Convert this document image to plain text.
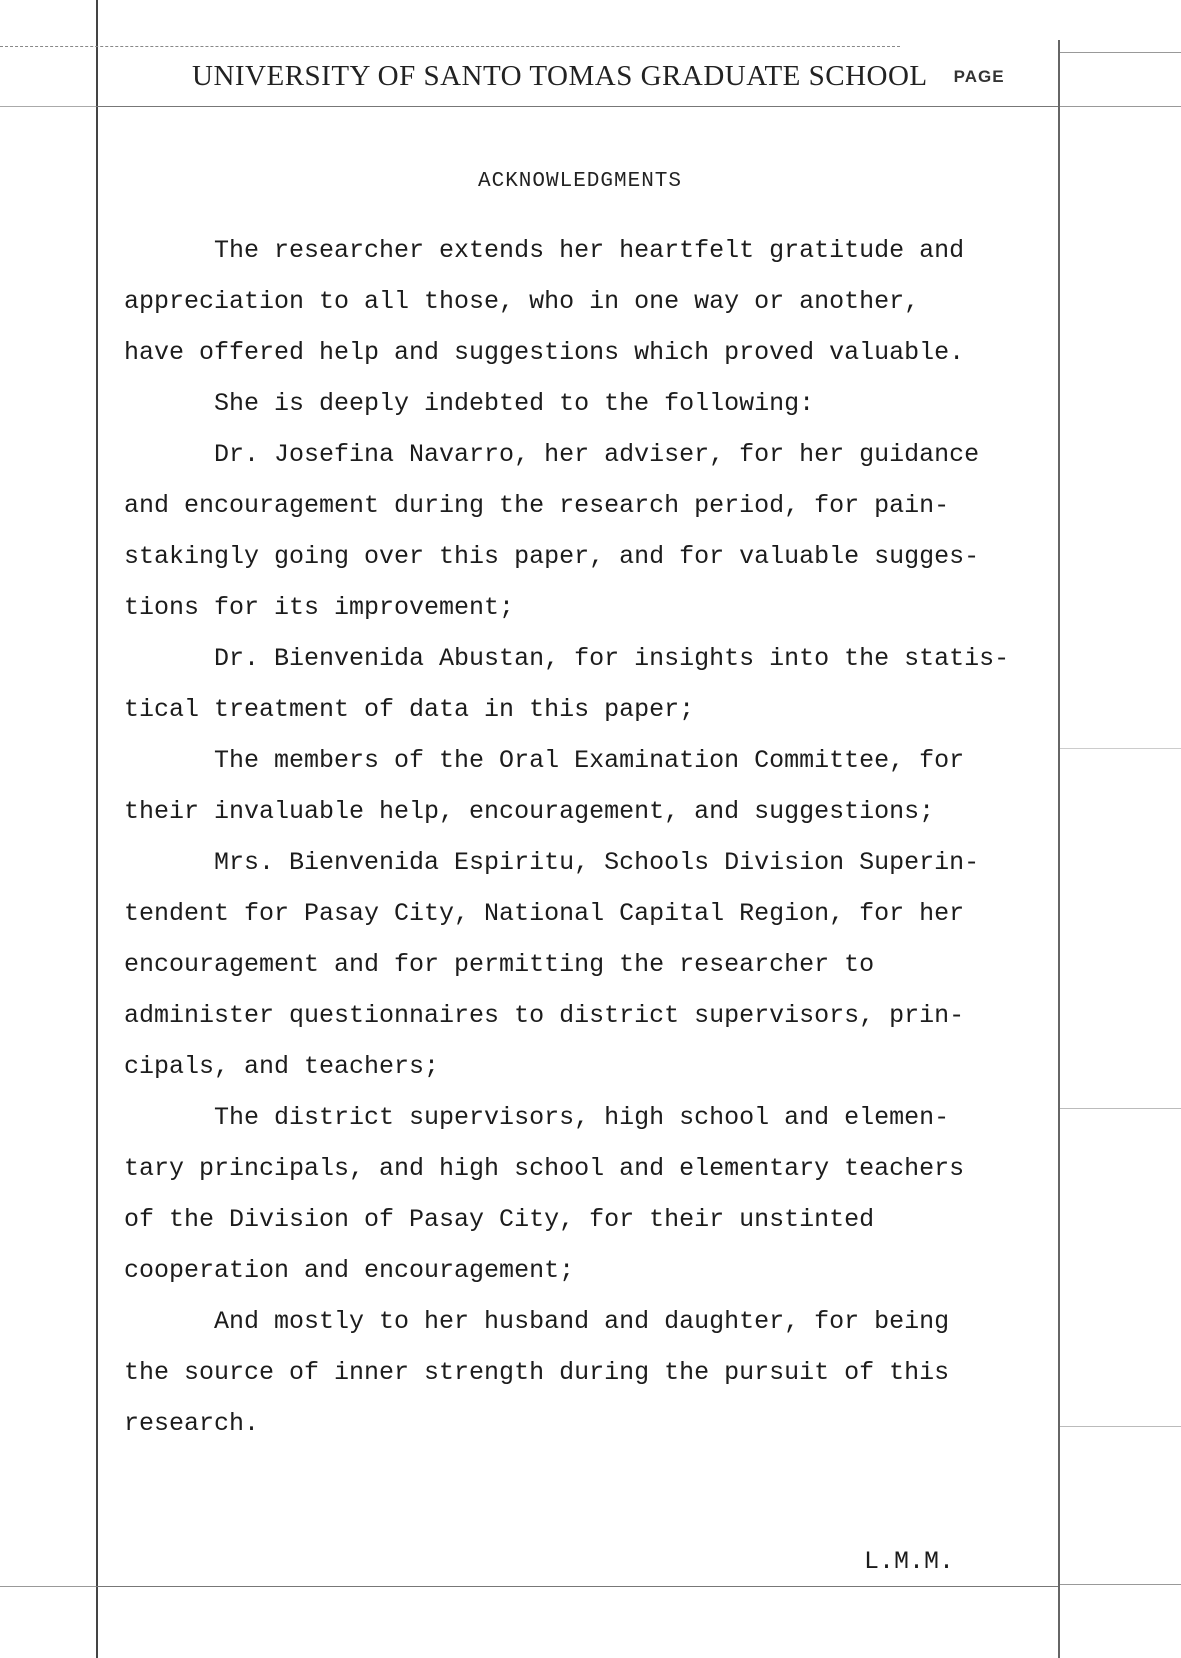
UNIVERSITY OF SANTO TOMAS GRADUATE SCHOOL PAGE
ACKNOWLEDGMENTS
The researcher extends her heartfelt gratitude and
appreciation to all those, who in one way or another,
have offered help and suggestions which proved valuable.
She is deeply indebted to the following:
Dr. Josefina Navarro, her adviser, for her guidance
and encouragement during the research period, for pain-
stakingly going over this paper, and for valuable sugges-
tions for its improvement;
Dr. Bienvenida Abustan, for insights into the statis-
tical treatment of data in this paper;
The members of the Oral Examination Committee, for
their invaluable help, encouragement, and suggestions;
Mrs. Bienvenida Espiritu, Schools Division Superin-
tendent for Pasay City, National Capital Region, for her
encouragement and for permitting the researcher to
administer questionnaires to district supervisors, prin-
cipals, and teachers;
The district supervisors, high school and elemen-
tary principals, and high school and elementary teachers
of the Division of Pasay City, for their unstinted
cooperation and encouragement;
And mostly to her husband and daughter, for being
the source of inner strength during the pursuit of this
research.
L.M.M.
